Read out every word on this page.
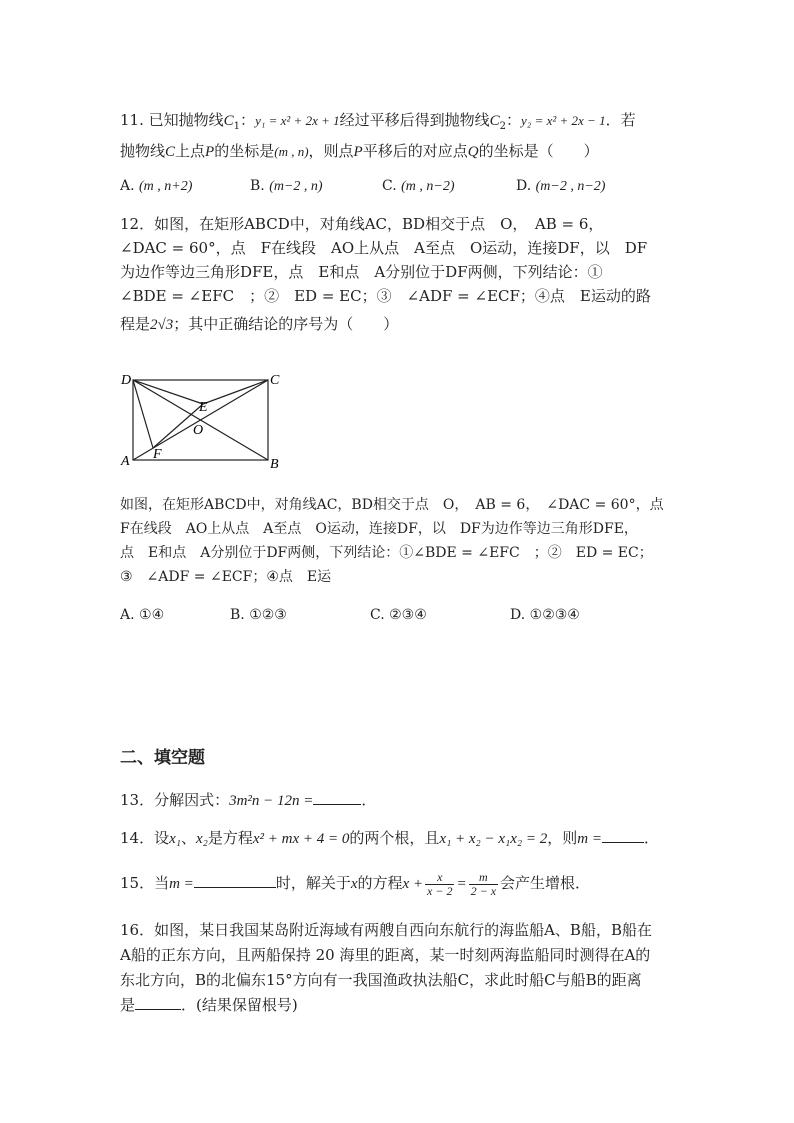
11. 已知抛物线$C_1$：y₁ = x² + 2x + 1经过平移后得到抛物线$C_2$：y₂ = x² + 2x − 1．若
抛物线C上点P的坐标是(m , n)，则点P平移后的对应点Q的坐标是（　　）
A. (m , n+2)	B. (m−2 , n)	C. (m , n−2)	D. (m−2 , n−2)
12．如图，在矩形ABCD中，对角线AC，BD相交于点　O，　AB = 6，
∠DAC = 60°，点　F在线段　AO上从点　A至点　O运动，连接DF，以　DF
为边作等边三角形DFE，点　E和点　A分别位于DF两侧，下列结论：①
∠BDE = ∠EFC　；②　ED = EC；③　∠ADF = ∠ECF；④点　E运动的路
程是2√3；其中正确结论的序号为（　　）
D	C
A	B
E
O
F
如图，在矩形ABCD中，对角线AC，BD相交于点　O，　AB = 6，　∠DAC = 60°，点
F在线段　AO上从点　A至点　O运动，连接DF，以　DF为边作等边三角形DFE，
点　E和点　A分别位于DF两侧，下列结论：①∠BDE = ∠EFC　；②　ED = EC；
③　∠ADF = ∠ECF；④点　E运
A. ①④	B. ①②③	C. ②③④	D. ①②③④
二、填空题
13．分解因式：3m²n − 12n =	．
14．设x₁、x₂是方程x² + mx + 4 = 0的两个根，且x₁ + x₂ − x₁x₂ = 2，则m =	．
15．当m =	时，解关于x的方程$x + \frac{x}{x - 2} = \frac{m}{2 - x}$ 会产生增根．
16．如图，某日我国某岛附近海域有两艘自西向东航行的海监船A、B船，B船在
A船的正东方向，且两船保持 20 海里的距离，某一时刻两海监船同时测得在A的
东北方向，B的北偏东15°方向有一我国渔政执法船C，求此时船C与船B的距离
是	．(结果保留根号)
